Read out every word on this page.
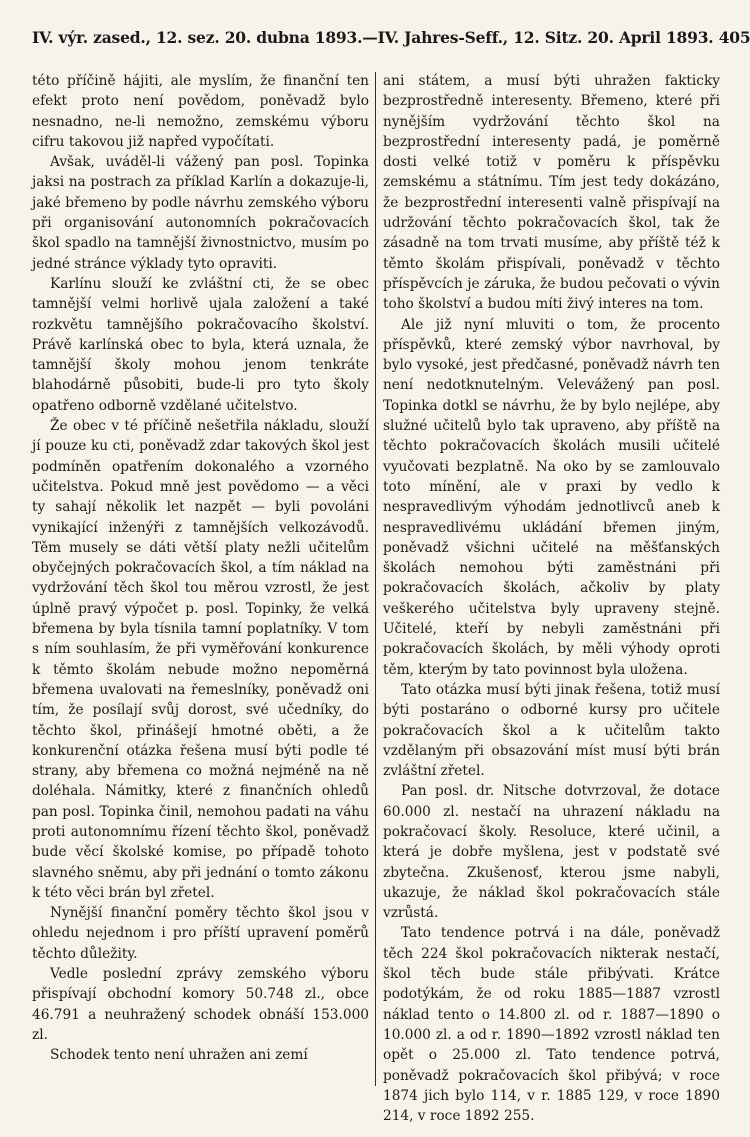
IV. výr. zased., 12. sez. 20. dubna 1893. — IV. Jahres-Seff., 12. Sitz. 20. April 1893. 405

této příčině hájiti, ale myslím, že finanční ten efekt proto není povědom, poněvadž bylo nesnadno, ne-li nemožno, zemskému výboru cifru takovou již napřed vypočítati.

Avšak, uváděl-li vážený pan posl. Topinka jaksi na postrach za příklad Karlín a dokazuje-li, jaké břemeno by podle návrhu zemského výboru při organisování autonomních pokračovacích škol spadlo na tamnější živnostnictvo, musím po jedné stránce výklady tyto opraviti.

Karlínu slouží ke zvláštní cti, že se obec tamnější velmi horlivě ujala založení a také rozkvětu tamnějšího pokračovacího školství. Právě karlínská obec to byla, která uznala, že tamnější školy mohou jenom tenkráte blahodárně působiti, bude-li pro tyto školy opatřeno odborně vzdělané učitelstvo.

Že obec v té příčině nešetřila nákladu, slouží jí pouze ku cti, poněvadž zdar takových škol jest podmíněn opatřením dokonalého a vzorného učitelstva. Pokud mně jest povědomo — a věci ty sahají několik let nazpět — byli povoláni vynikající inženýři z tamnějších velkozávodů. Těm musely se dáti větší platy nežli učitelům obyčejných pokračovacích škol, a tím náklad na vydržování těch škol tou měrou vzrostl, že jest úplně pravý výpočet p. posl. Topinky, že velká břemena by byla tísnila tamní poplatníky. V tom s ním souhlasím, že při vyměřování konkurence k těmto školám nebude možno nepoměrná břemena uvalovati na řemeslníky, poněvadž oni tím, že posílají svůj dorost, své učedníky, do těchto škol, přinášejí hmotné oběti, a že konkurenční otázka řešena musí býti podle té strany, aby břemena co možná nejméně na ně doléhala. Námitky, které z finančních ohledů pan posl. Topinka činil, nemohou padati na váhu proti autonomnímu řízení těchto škol, poněvadž bude věcí školské komise, po případě tohoto slavného sněmu, aby při jednání o tomto zákonu k této věci brán byl zřetel.

Nynější finanční poměry těchto škol jsou v ohledu nejednom i pro příští upravení poměrů těchto důležity.

Vedle poslední zprávy zemského výboru přispívají obchodní komory 50.748 zl., obce 46.791 a neuhražený schodek obnáší 153.000 zl.

Schodek tento není uhražen ani zemí

ani státem, a musí býti uhražen fakticky bezprostředně interesenty. Břemeno, které při nynějším vydržování těchto škol na bezprostřední interesenty padá, je poměrně dosti velké totiž v poměru k příspěvku zemskému a státnímu. Tím jest tedy dokázáno, že bezprostřední interesenti valně přispívají na udržování těchto pokračovacích škol, tak že zásadně na tom trvati musíme, aby příště též k těmto školám přispívali, poněvadž v těchto příspěvcích je záruka, že budou pečovati o vývin toho školství a budou míti živý interes na tom.

Ale již nyní mluviti o tom, že procento příspěvků, které zemský výbor navrhoval, by bylo vysoké, jest předčasné, poněvadž návrh ten není nedotknutelným. Velevážený pan posl. Topinka dotkl se návrhu, že by bylo nejlépe, aby služné učitelů bylo tak upraveno, aby příště na těchto pokračovacích školách musili učitelé vyučovati bezplatně. Na oko by se zamlouvalo toto mínění, ale v praxi by vedlo k nespravedlivým výhodám jednotlivců aneb k nespravedlivému ukládání břemen jiným, poněvadž všichni učitelé na měšťanských školách nemohou býti zaměstnáni při pokračovacích školách, ačkoliv by platy veškerého učitelstva byly upraveny stejně. Učitelé, kteří by nebyli zaměstnáni při pokračovacích školách, by měli výhody oproti těm, kterým by tato povinnost byla uložena.

Tato otázka musí býti jinak řešena, totiž musí býti postaráno o odborné kursy pro učitele pokračovacích škol a k učitelům takto vzdělaným při obsazování míst musí býti brán zvláštní zřetel.

Pan posl. dr. Nitsche dotvrzoval, že dotace 60.000 zl. nestačí na uhrazení nákladu na pokračovací školy. Resoluce, které učinil, a která je dobře myšlena, jest v podstatě své zbytečna. Zkušenosť, kterou jsme nabyli, ukazuje, že náklad škol pokračovacích stále vzrůstá.

Tato tendence potrvá i na dále, poněvadž těch 224 škol pokračovacích nikterak nestačí, škol těch bude stále přibývati. Krátce podotýkám, že od roku 1885—1887 vzrostl náklad tento o 14.800 zl. od r. 1887—1890 o 10.000 zl. a od r. 1890—1892 vzrostl náklad ten opět o 25.000 zl. Tato tendence potrvá, poněvadž pokračovacích škol přibývá; v roce 1874 jich bylo 114, v r. 1885 129, v roce 1890 214, v roce 1892 255.
